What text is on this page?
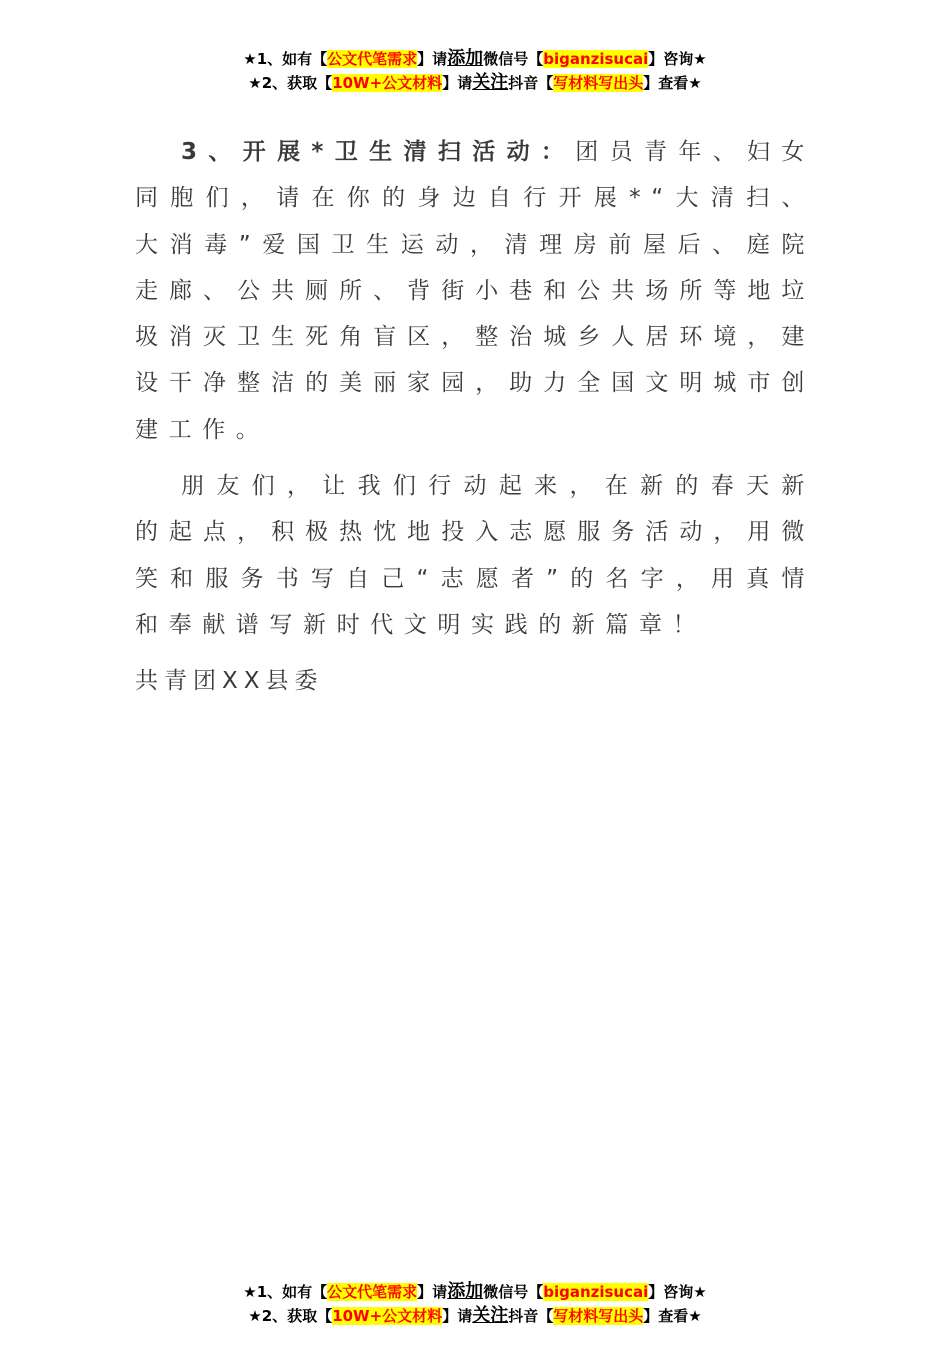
★1、如有【公文代笔需求】请添加微信号【biganzisucai】咨询★
★2、获取【10W+公文材料】请关注抖音【写材料写出头】查看★

3、开展*卫生清扫活动：团员青年、妇女同胞们，请在你的身边自行开展*“大清扫、大消毒”爱国卫生运动，清理房前屋后、庭院走廊、公共厕所、背街小巷和公共场所等地垃圾消灭卫生死角盲区，整治城乡人居环境，建设干净整洁的美丽家园，助力全国文明城市创建工作。

朋友们，让我们行动起来，在新的春天新的起点，积极热忱地投入志愿服务活动，用微笑和服务书写自己“志愿者”的名字，用真情和奉献谱写新时代文明实践的新篇章！

共青团XX县委
★1、如有【公文代笔需求】请添加微信号【biganzisucai】咨询★
★2、获取【10W+公文材料】请关注抖音【写材料写出头】查看★
